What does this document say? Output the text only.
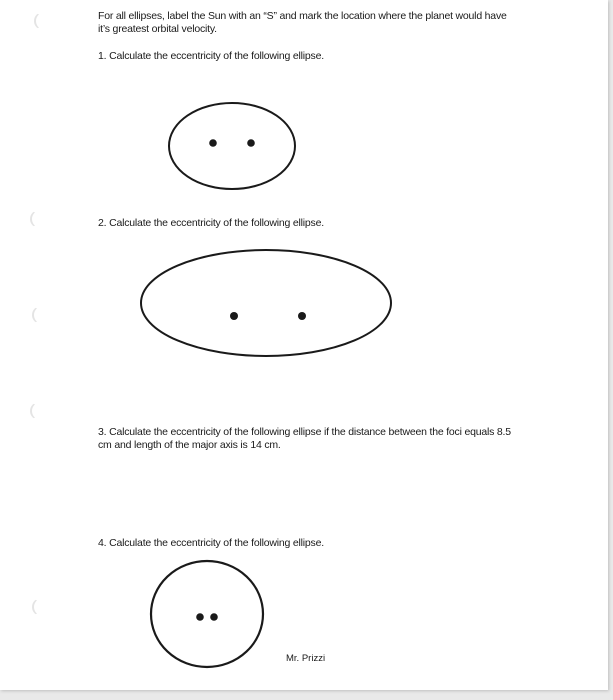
For all ellipses, label the Sun with an “S” and mark the location where the planet would have it’s greatest orbital velocity.
1. Calculate the eccentricity of the following ellipse.
2. Calculate the eccentricity of the following ellipse.
3. Calculate the eccentricity of the following ellipse if the distance between the foci equals 8.5 cm and length of the major axis is 14 cm.
4. Calculate the eccentricity of the following ellipse.
Mr. Prizzi
